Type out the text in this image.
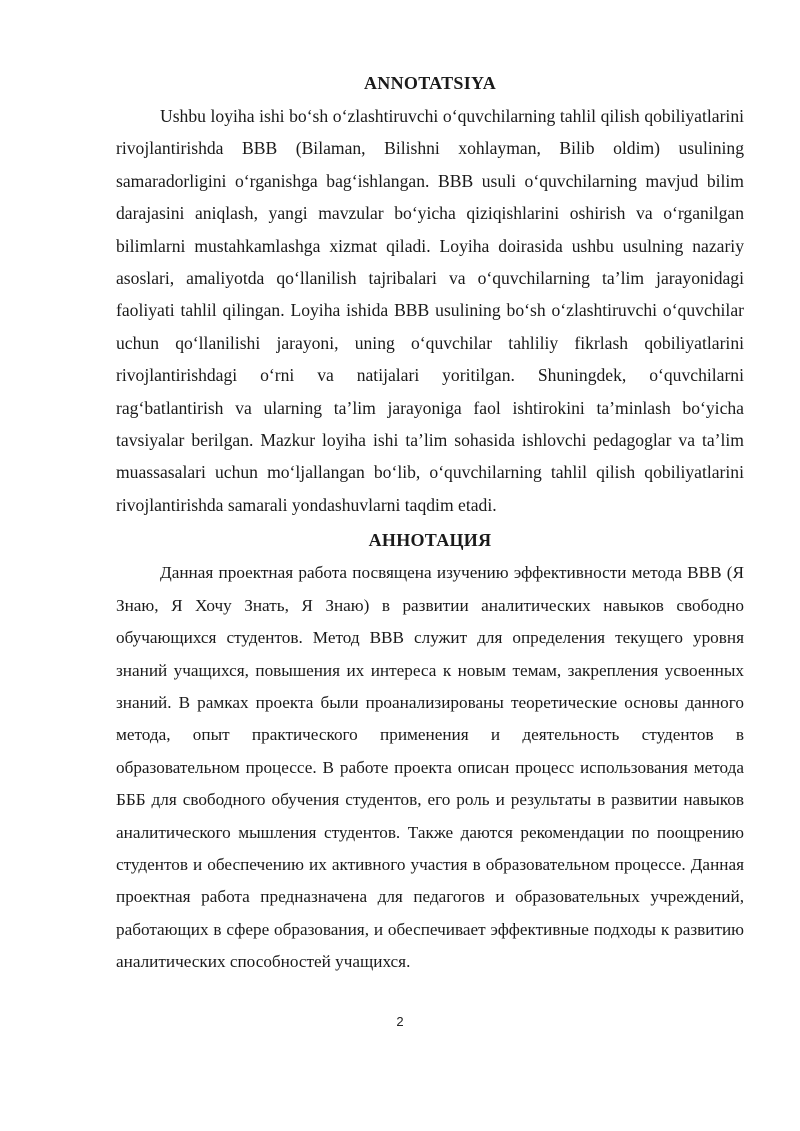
ANNOTATSIYA

Ushbu loyiha ishi bo‘sh o‘zlashtiruvchi o‘quvchilarning tahlil qilish qobiliyatlarini rivojlantirishda BBB (Bilaman, Bilishni xohlayman, Bilib oldim) usulining samaradorligini o‘rganishga bag‘ishlangan. BBB usuli o‘quvchilarning mavjud bilim darajasini aniqlash, yangi mavzular bo‘yicha qiziqishlarini oshirish va o‘rganilgan bilimlarni mustahkamlashga xizmat qiladi. Loyiha doirasida ushbu usulning nazariy asoslari, amaliyotda qo‘llanilish tajribalari va o‘quvchilarning ta’lim jarayonidagi faoliyati tahlil qilingan. Loyiha ishida BBB usulining bo‘sh o‘zlashtiruvchi o‘quvchilar uchun qo‘llanilishi jarayoni, uning o‘quvchilar tahliliy fikrlash qobiliyatlarini rivojlantirishdagi o‘rni va natijalari yoritilgan. Shuningdek, o‘quvchilarni rag‘batlantirish va ularning ta’lim jarayoniga faol ishtirokini ta’minlash bo‘yicha tavsiyalar berilgan. Mazkur loyiha ishi ta’lim sohasida ishlovchi pedagoglar va ta’lim muassasalari uchun mo‘ljallangan bo‘lib, o‘quvchilarning tahlil qilish qobiliyatlarini rivojlantirishda samarali yondashuvlarni taqdim etadi.

АННОТАЦИЯ

Данная проектная работа посвящена изучению эффективности метода BBB (Я Знаю, Я Хочу Знать, Я Знаю) в развитии аналитических навыков свободно обучающихся студентов. Метод BBB служит для определения текущего уровня знаний учащихся, повышения их интереса к новым темам, закрепления усвоенных знаний. В рамках проекта были проанализированы теоретические основы данного метода, опыт практического применения и деятельность студентов в образовательном процессе. В работе проекта описан процесс использования метода БББ для свободного обучения студентов, его роль и результаты в развитии навыков аналитического мышления студентов. Также даются рекомендации по поощрению студентов и обеспечению их активного участия в образовательном процессе. Данная проектная работа предназначена для педагогов и образовательных учреждений, работающих в сфере образования, и обеспечивает эффективные подходы к развитию аналитических способностей учащихся.

2
